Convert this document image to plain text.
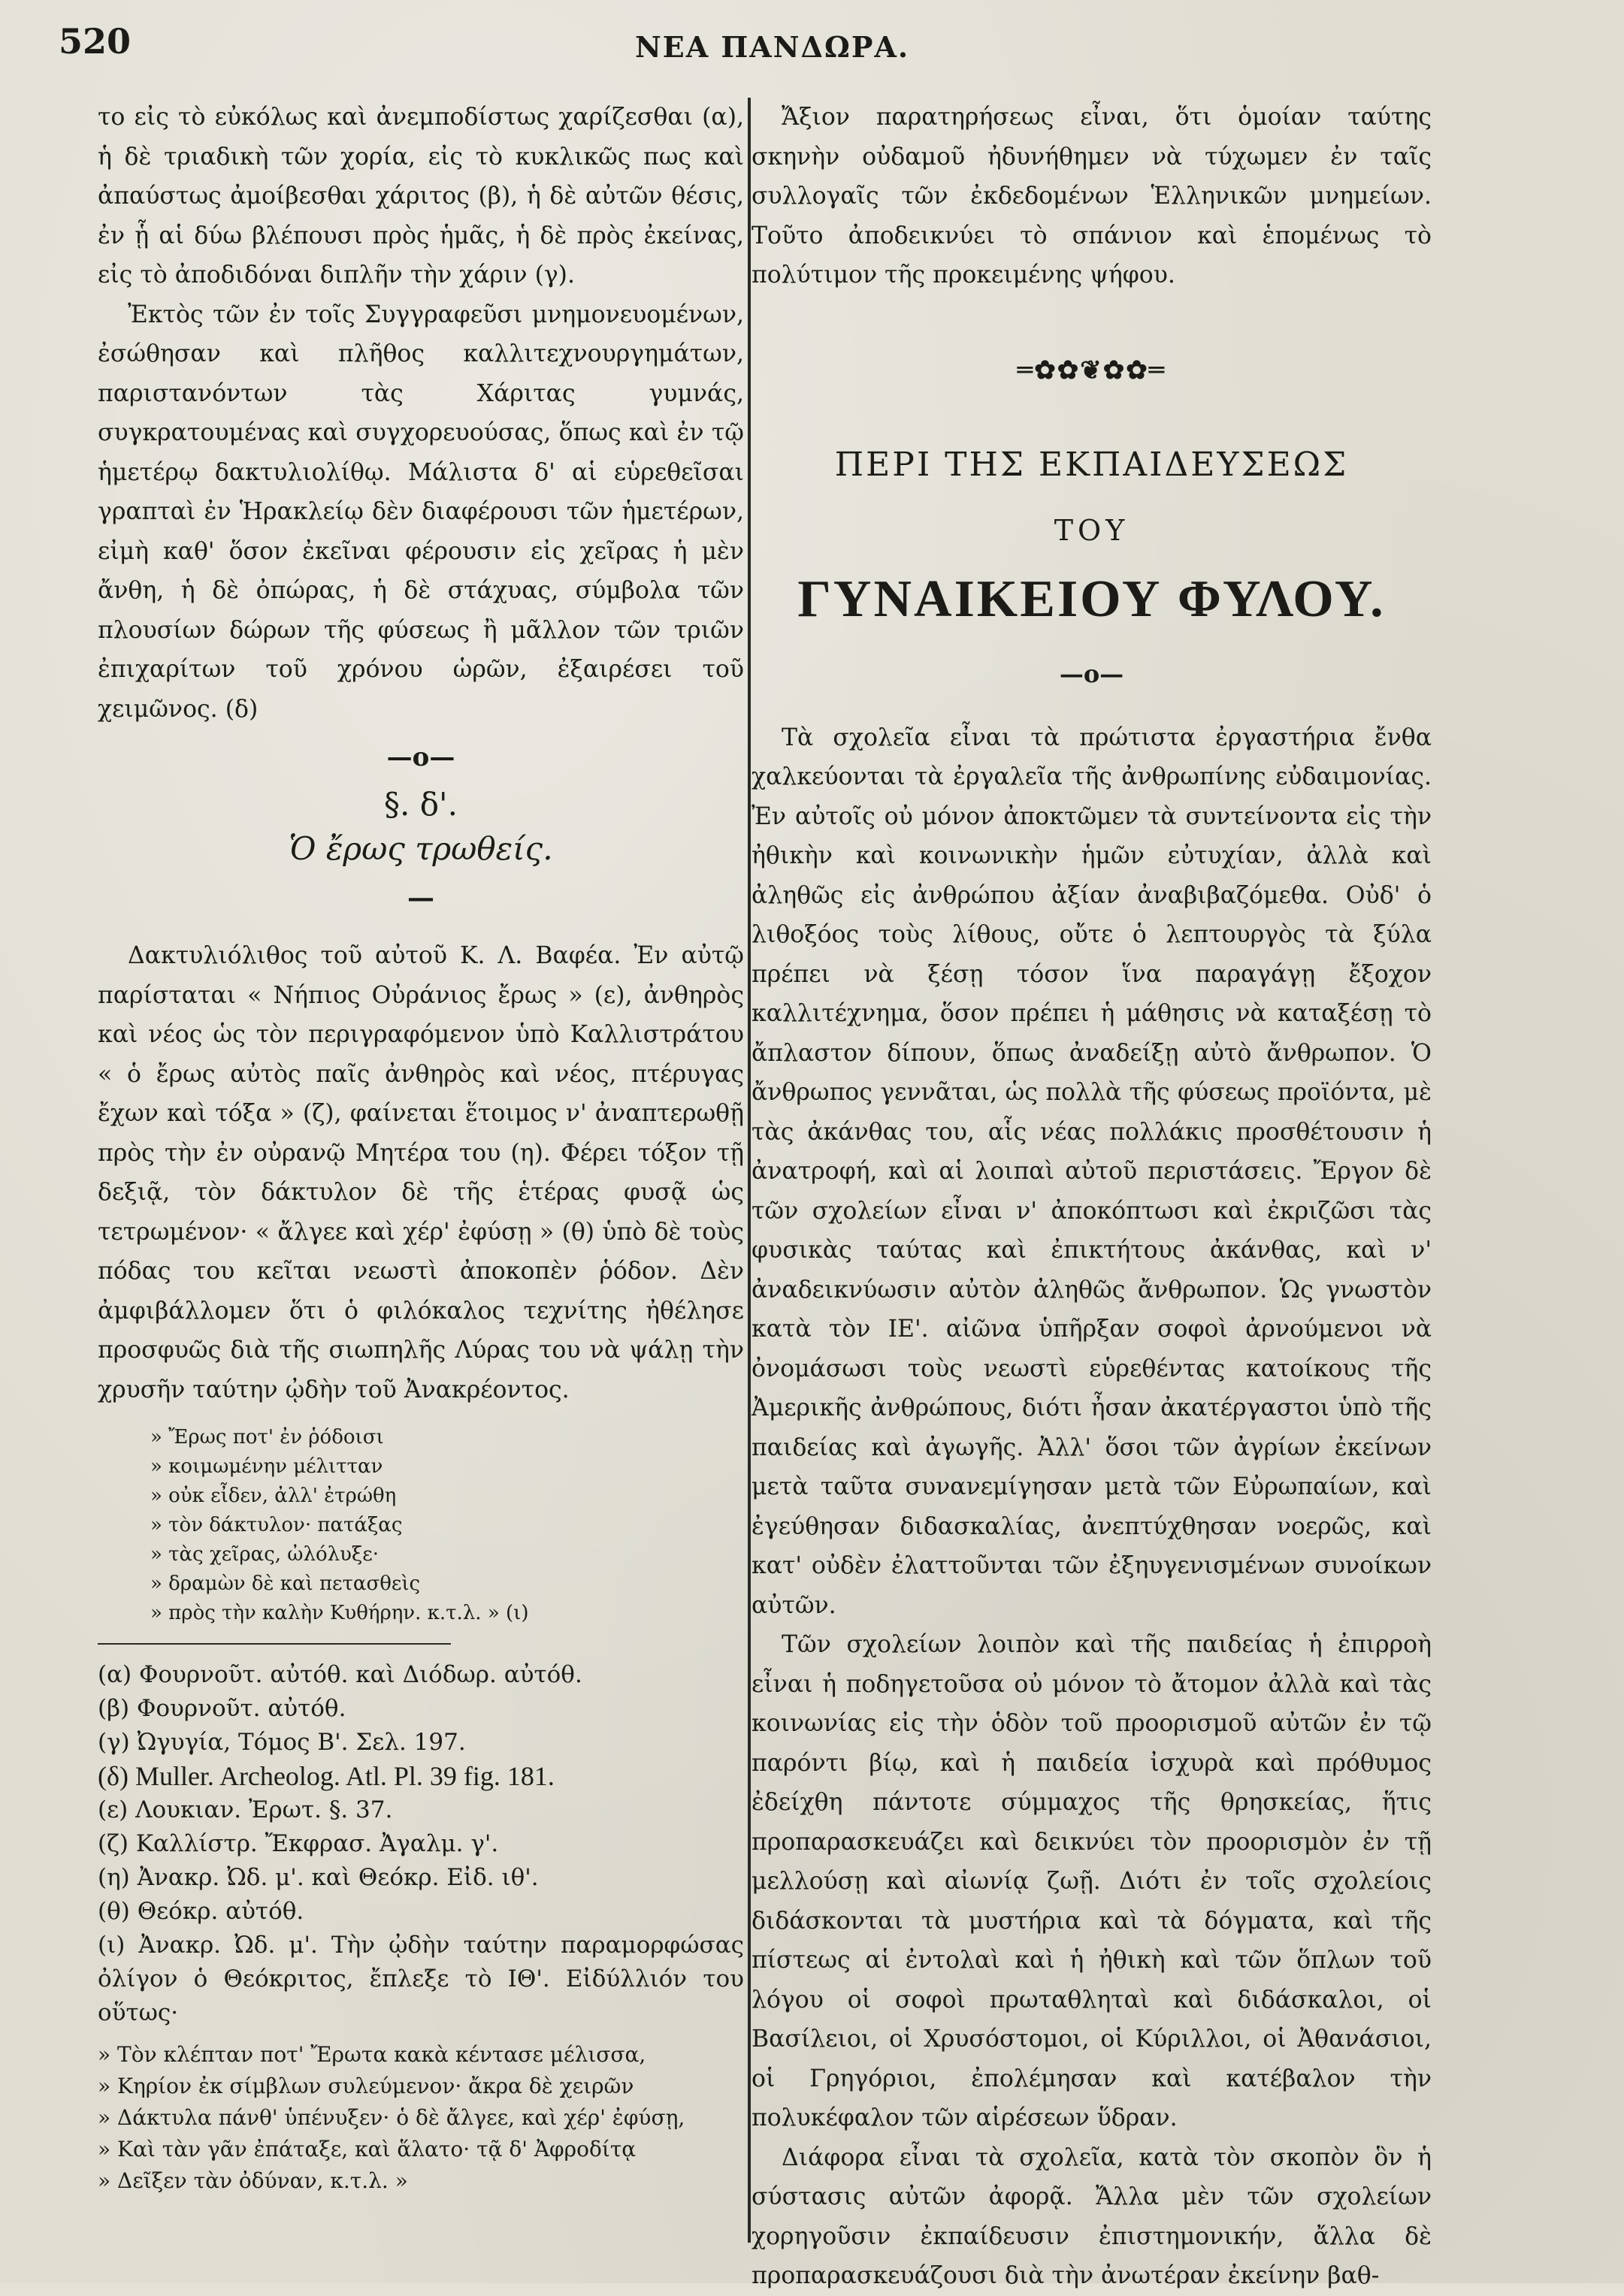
520	ΝΕΑ ΠΑΝΔΩΡΑ.

το εἰς τὸ εὐκόλως καὶ ἀνεμποδίστως χαρίζεσθαι (α), ἡ δὲ τριαδικὴ τῶν χορία, εἰς τὸ κυκλικῶς πως καὶ ἀπαύστως ἀμοίβεσθαι χάριτος (β), ἡ δὲ αὐτῶν θέσις, ἐν ᾗ αἱ δύω βλέπουσι πρὸς ἡμᾶς, ἡ δὲ πρὸς ἐκείνας, εἰς τὸ ἀποδιδόναι διπλῆν τὴν χάριν (γ).

Ἐκτὸς τῶν ἐν τοῖς Συγγραφεῦσι μνημονευομένων, ἐσώθησαν καὶ πλῆθος καλλιτεχνουργημάτων, παριστανόντων τὰς Χάριτας γυμνάς, συγκρατουμένας καὶ συγχορευούσας, ὅπως καὶ ἐν τῷ ἡμετέρῳ δακτυλιολίθῳ. Μάλιστα δ' αἱ εὑρεθεῖσαι γραπταὶ ἐν Ἡρακλείῳ δὲν διαφέρουσι τῶν ἡμετέρων, εἰμὴ καθ' ὅσον ἐκεῖναι φέρουσιν εἰς χεῖρας ἡ μὲν ἄνθη, ἡ δὲ ὀπώρας, ἡ δὲ στάχυας, σύμβολα τῶν πλουσίων δώρων τῆς φύσεως ἢ μᾶλλον τῶν τριῶν ἐπιχαρίτων τοῦ χρόνου ὡρῶν, ἐξαιρέσει τοῦ χειμῶνος. (δ)

—o—
§. δ'.
Ὁ ἔρως τρωθείς.
—

Δακτυλιόλιθος τοῦ αὐτοῦ Κ. Λ. Βαφέα. Ἐν αὐτῷ παρίσταται « Νήπιος Οὐράνιος ἔρως » (ε), ἀνθηρὸς καὶ νέος ὡς τὸν περιγραφόμενον ὑπὸ Καλλιστράτου « ὁ ἔρως αὐτὸς παῖς ἀνθηρὸς καὶ νέος, πτέρυγας ἔχων καὶ τόξα » (ζ), φαίνεται ἕτοιμος ν' ἀναπτερωθῇ πρὸς τὴν ἐν οὐρανῷ Μητέρα του (η). Φέρει τόξον τῇ δεξιᾷ, τὸν δάκτυλον δὲ τῆς ἑτέρας φυσᾷ ὡς τετρωμένον· « ἄλγεε καὶ χέρ' ἐφύσῃ » (θ) ὑπὸ δὲ τοὺς πόδας του κεῖται νεωστὶ ἀποκοπὲν ῥόδον. Δὲν ἀμφιβάλλομεν ὅτι ὁ φιλόκαλος τεχνίτης ἠθέλησε προσφυῶς διὰ τῆς σιωπηλῆς Λύρας του νὰ ψάλῃ τὴν χρυσῆν ταύτην ᾠδὴν τοῦ Ἀνακρέοντος.

» Ἔρως ποτ' ἐν ῥόδοισι
» κοιμωμένην μέλιτταν
» οὐκ εἶδεν, ἀλλ' ἐτρώθη
» τὸν δάκτυλον· πατάξας
» τὰς χεῖρας, ὠλόλυξε·
» δραμὼν δὲ καὶ πετασθεὶς
» πρὸς τὴν καλὴν Κυθήρην. κ.τ.λ. » (ι)
(α) Φουρνοῦτ. αὐτόθ. καὶ Διόδωρ. αὐτόθ.
(β) Φουρνοῦτ. αὐτόθ.
(γ) Ὠγυγία, Τόμος Β'. Σελ. 197.
(δ) Muller. Archeolog. Atl. Pl. 39 fig. 181.
(ε) Λουκιαν. Ἐρωτ. §. 37.
(ζ) Καλλίστρ. Ἔκφρασ. Ἀγαλμ. γ'.
(η) Ἀνακρ. Ὠδ. μ'. καὶ Θεόκρ. Εἰδ. ιθ'.
(θ) Θεόκρ. αὐτόθ.

(ι) Ἀνακρ. Ὠδ. μ'. Τὴν ᾠδὴν ταύτην παραμορφώσας ὀλίγον ὁ Θεόκριτος, ἔπλεξε τὸ ΙΘ'. Εἰδύλλιόν του οὕτως·

» Τὸν κλέπταν ποτ' Ἔρωτα κακὰ κέντασε μέλισσα,
» Κηρίον ἐκ σίμβλων συλεύμενον· ἄκρα δὲ χειρῶν
» Δάκτυλα πάνθ' ὑπένυξεν· ὁ δὲ ἄλγεε, καὶ χέρ' ἐφύσῃ,
» Καὶ τὰν γᾶν ἐπάταξε, καὶ ἅλατο· τᾷ δ' Ἀφροδίτᾳ
» Δεῖξεν τὰν ὀδύναν, κ.τ.λ. »

Ἄξιον παρατηρήσεως εἶναι, ὅτι ὁμοίαν ταύτης σκηνὴν οὐδαμοῦ ἠδυνήθημεν νὰ τύχωμεν ἐν ταῖς συλλογαῖς τῶν ἐκδεδομένων Ἑλληνικῶν μνημείων. Τοῦτο ἀποδεικνύει τὸ σπάνιον καὶ ἑπομένως τὸ πολύτιμον τῆς προκειμένης ψήφου.

═✿✿❦✿✿═
ΠΕΡΙ ΤΗΣ ΕΚΠΑΙΔΕΥΣΕΩΣ
ΤΟΥ
ΓΥΝΑΙΚΕΙΟΥ ΦΥΛΟΥ.
—o—

Τὰ σχολεῖα εἶναι τὰ πρώτιστα ἐργαστήρια ἔνθα χαλκεύονται τὰ ἐργαλεῖα τῆς ἀνθρωπίνης εὐδαιμονίας. Ἐν αὐτοῖς οὐ μόνον ἀποκτῶμεν τὰ συντείνοντα εἰς τὴν ἠθικὴν καὶ κοινωνικὴν ἡμῶν εὐτυχίαν, ἀλλὰ καὶ ἀληθῶς εἰς ἀνθρώπου ἀξίαν ἀναβιβαζόμεθα. Οὐδ' ὁ λιθοξόος τοὺς λίθους, οὔτε ὁ λεπτουργὸς τὰ ξύλα πρέπει νὰ ξέσῃ τόσον ἵνα παραγάγῃ ἔξοχον καλλιτέχνημα, ὅσον πρέπει ἡ μάθησις νὰ καταξέσῃ τὸ ἄπλαστον δίπουν, ὅπως ἀναδείξῃ αὐτὸ ἄνθρωπον. Ὁ ἄνθρωπος γεννᾶται, ὡς πολλὰ τῆς φύσεως προϊόντα, μὲ τὰς ἀκάνθας του, αἷς νέας πολλάκις προσθέτουσιν ἡ ἀνατροφή, καὶ αἱ λοιπαὶ αὐτοῦ περιστάσεις. Ἔργον δὲ τῶν σχολείων εἶναι ν' ἀποκόπτωσι καὶ ἐκριζῶσι τὰς φυσικὰς ταύτας καὶ ἐπικτήτους ἀκάνθας, καὶ ν' ἀναδεικνύωσιν αὐτὸν ἀληθῶς ἄνθρωπον. Ὡς γνωστὸν κατὰ τὸν ΙΕ'. αἰῶνα ὑπῆρξαν σοφοὶ ἀρνούμενοι νὰ ὀνομάσωσι τοὺς νεωστὶ εὑρεθέντας κατοίκους τῆς Ἀμερικῆς ἀνθρώπους, διότι ἦσαν ἀκατέργαστοι ὑπὸ τῆς παιδείας καὶ ἀγωγῆς. Ἀλλ' ὅσοι τῶν ἀγρίων ἐκείνων μετὰ ταῦτα συνανεμίγησαν μετὰ τῶν Εὐρωπαίων, καὶ ἐγεύθησαν διδασκαλίας, ἀνεπτύχθησαν νοερῶς, καὶ κατ' οὐδὲν ἐλαττοῦνται τῶν ἐξηυγενισμένων συνοίκων αὐτῶν.

Τῶν σχολείων λοιπὸν καὶ τῆς παιδείας ἡ ἐπιρροὴ εἶναι ἡ ποδηγετοῦσα οὐ μόνον τὸ ἄτομον ἀλλὰ καὶ τὰς κοινωνίας εἰς τὴν ὁδὸν τοῦ προορισμοῦ αὐτῶν ἐν τῷ παρόντι βίῳ, καὶ ἡ παιδεία ἰσχυρὰ καὶ πρόθυμος ἐδείχθη πάντοτε σύμμαχος τῆς θρησκείας, ἥτις προπαρασκευάζει καὶ δεικνύει τὸν προορισμὸν ἐν τῇ μελλούσῃ καὶ αἰωνίᾳ ζωῇ. Διότι ἐν τοῖς σχολείοις διδάσκονται τὰ μυστήρια καὶ τὰ δόγματα, καὶ τῆς πίστεως αἱ ἐντολαὶ καὶ ἡ ἠθικὴ καὶ τῶν ὅπλων τοῦ λόγου οἱ σοφοὶ πρωταθληταὶ καὶ διδάσκαλοι, οἱ Βασίλειοι, οἱ Χρυσόστομοι, οἱ Κύριλλοι, οἱ Ἀθανάσιοι, οἱ Γρηγόριοι, ἐπολέμησαν καὶ κατέβαλον τὴν πολυκέφαλον τῶν αἱρέσεων ὕδραν.

Διάφορα εἶναι τὰ σχολεῖα, κατὰ τὸν σκοπὸν ὃν ἡ σύστασις αὐτῶν ἀφορᾷ. Ἄλλα μὲν τῶν σχολείων χορηγοῦσιν ἐκπαίδευσιν ἐπιστημονικήν, ἄλλα δὲ προπαρασκευάζουσι διὰ τὴν ἀνωτέραν ἐκείνην βαθ-
